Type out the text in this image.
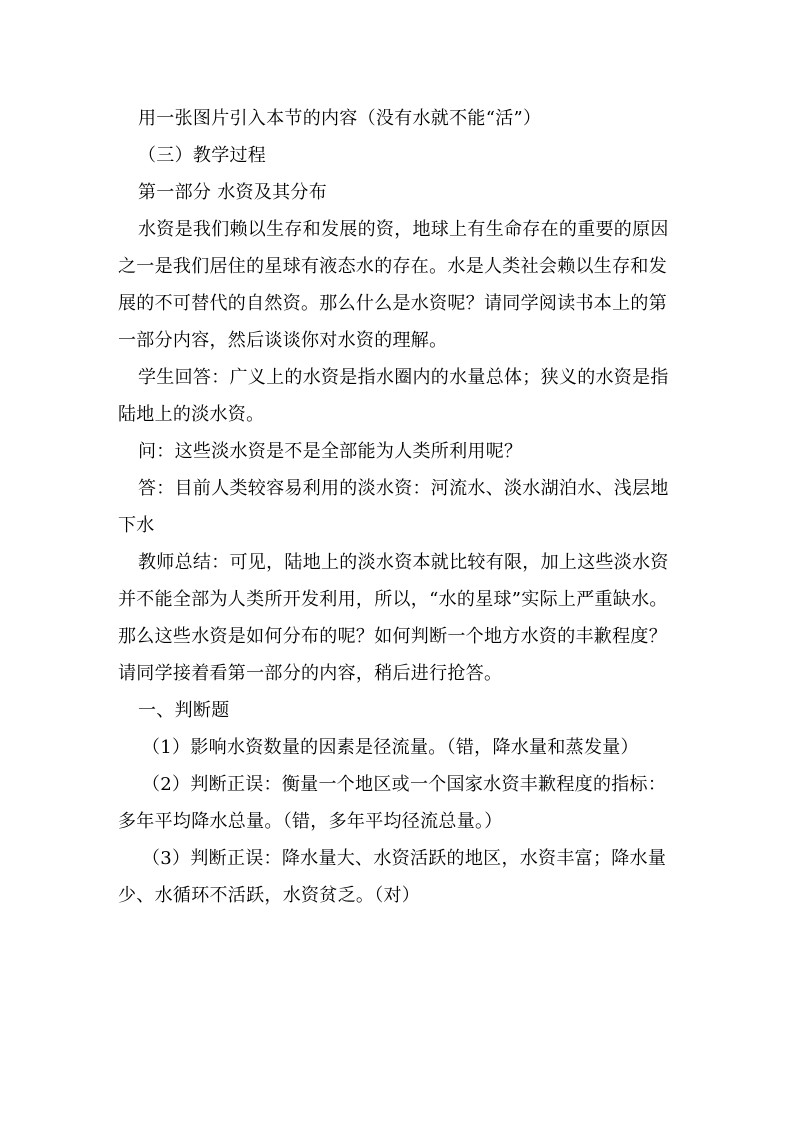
用一张图片引入本节的内容（没有水就不能“活”）

（三）教学过程

第一部分 水资及其分布

水资是我们赖以生存和发展的资，地球上有生命存在的重要的原因之一是我们居住的星球有液态水的存在。水是人类社会赖以生存和发展的不可替代的自然资。那么什么是水资呢？请同学阅读书本上的第一部分内容，然后谈谈你对水资的理解。

学生回答：广义上的水资是指水圈内的水量总体；狭义的水资是指陆地上的淡水资。

问：这些淡水资是不是全部能为人类所利用呢？

答：目前人类较容易利用的淡水资：河流水、淡水湖泊水、浅层地下水

教师总结：可见，陆地上的淡水资本就比较有限，加上这些淡水资并不能全部为人类所开发利用，所以，“水的星球”实际上严重缺水。那么这些水资是如何分布的呢？如何判断一个地方水资的丰歉程度？请同学接着看第一部分的内容，稍后进行抢答。

一、判断题

（1）影响水资数量的因素是径流量。（错，降水量和蒸发量）

（2）判断正误：衡量一个地区或一个国家水资丰歉程度的指标：多年平均降水总量。（错，多年平均径流总量。）

（3）判断正误：降水量大、水资活跃的地区，水资丰富；降水量少、水循环不活跃，水资贫乏。（对）
